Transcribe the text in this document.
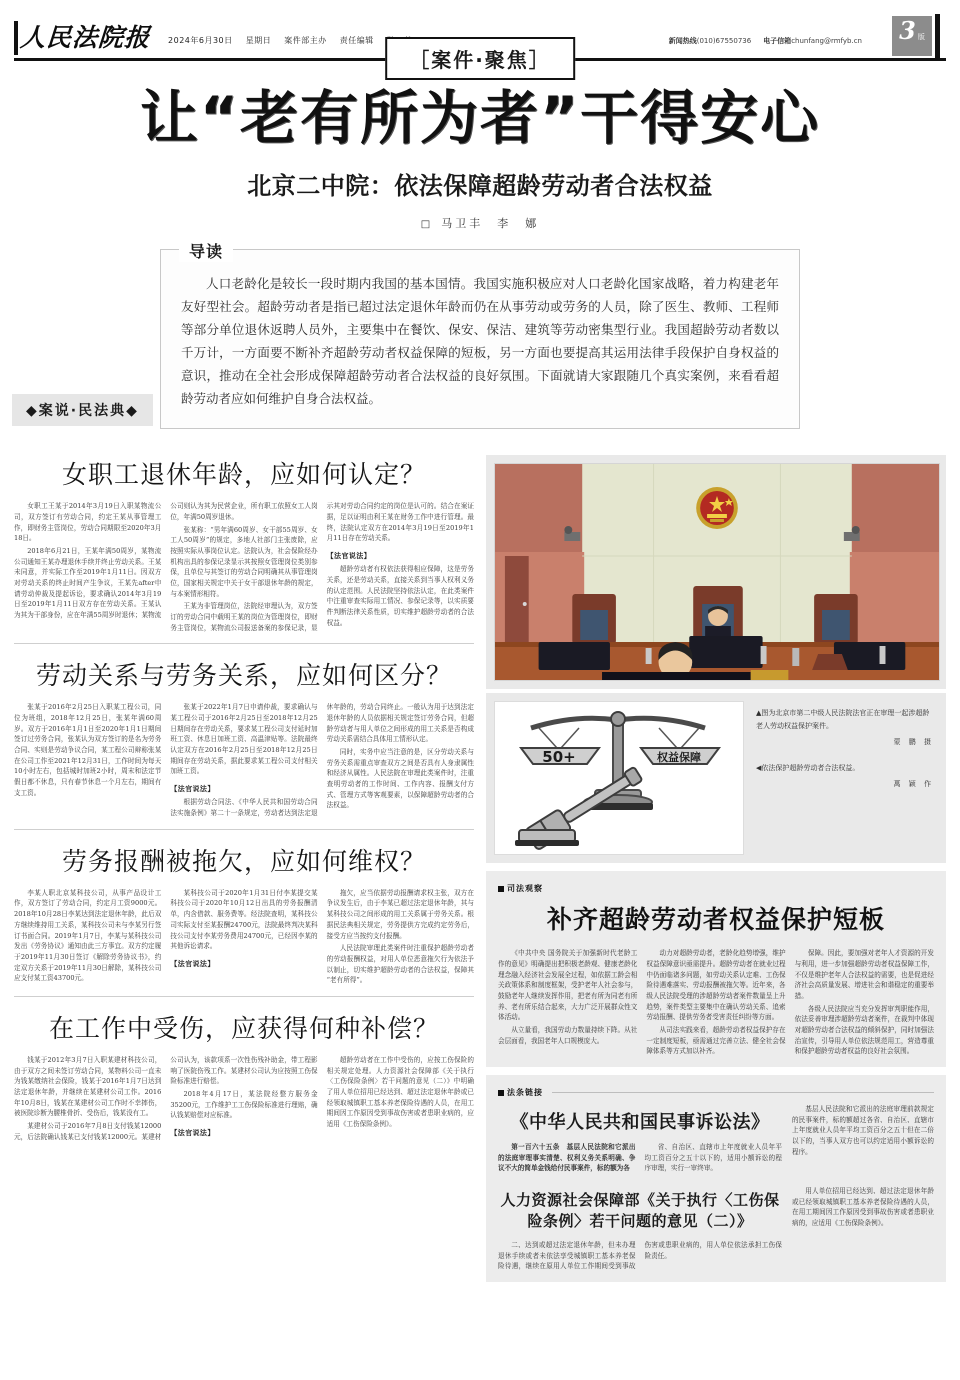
人民法院报	2024年6月30日 星期日 案件部主办 责任编辑	新闻热线(010)67550736 电子信箱chunfang@rmfyb.cn	3 版
［案件·聚焦］
让“老有所为者”干得安心
北京二中院：依法保障超龄劳动者合法权益
□ 马卫丰　李　娜
◆案说·民法典◆
导读

人口老龄化是较长一段时期内我国的基本国情。我国实施积极应对人口老龄化国家战略，着力构建老年友好型社会。超龄劳动者是指已超过法定退休年龄而仍在从事劳动或劳务的人员，除了医生、教师、工程师等部分单位退休返聘人员外，主要集中在餐饮、保安、保洁、建筑等劳动密集型行业。我国超龄劳动者数以千万计，一方面要不断补齐超龄劳动者权益保障的短板，另一方面也要提高其运用法律手段保护自身权益的意识，推动在全社会形成保障超龄劳动者合法权益的良好氛围。下面就请大家跟随几个真实案例，来看看超龄劳动者应如何维护自身合法权益。

女职工退休年龄，应如何认定？

女职工王某于2014年3月19日入职某物流公司，双方签订有劳动合同，约定王某从事管理工作，即财务主管岗位，劳动合同期限至2020年3月18日。

2018年6月21日，王某年满50周岁，某物流公司通知王某办理退休手续并终止劳动关系。王某未同意，并实际工作至2019年1月11日。因双方对劳动关系的终止时间产生争议，王某先after申请劳动仲裁及提起诉讼，要求确认2014年3月19日至2019年1月11日双方存在劳动关系。王某认为其为干部身份，应在年满55周岁时退休；某物流公司则认为其为民营企业，所有职工依照女工人岗位，年满50周岁退休。

张某称：“男年满60周岁、女干部55周岁、女工人50周岁”的规定，多地人社部门主张废除，应按照实际从事岗位认定。法院认为，社会保险经办机构出具的参保记录显示其按照女管理岗位类别参保，且单位与其签订的劳动合同明确其从事管理岗位，国家相关规定中关于女干部退休年龄的规定，与本案情形相符。

王某为非管理岗位，法院经审理认为，双方签订的劳动合同中载明王某的岗位为管理岗位，即财务主管岗位，某物流公司报送备案的参保记录，显示其对劳动合同约定的岗位是认可的。结合在案证据，足以证明由利王某在财务工作中进行管理。最终，法院认定双方在2014年3月19日至2019年1月11日存在劳动关系。

【法官说法】

超龄劳动者有权依法获得相应保障，这是劳务关系，还是劳动关系，直接关系到当事人权利义务的认定范围。人民法院坚持依法认定，在此类案件中注重审查实际用工情况、参保记录等，以实质要件判断法律关系性质，切实维护超龄劳动者的合法权益。

劳动关系与劳务关系，应如何区分？

张某于2016年2月25日入职某工程公司，同位为班组，2018年12月25日，张某年满60周岁。双方于2016年1月1日至2020年1月1日期间签订过劳务合同，张某认为双方签订的是名为劳务合同、实则是劳动争议合同，某工程公司辩称张某在公司工作至2021年12月31日，工作时间为每天10小时左右，包括城时加班2小时，周末和法定节假日都不休息，只有春节休息一个月左右，期间有支工资。

张某于2022年1月7日申请仲裁，要求确认与某工程公司于2016年2月25日至2018年12月25日期间存在劳动关系，要求某工程公司支付延时加班工资、休息日加班工资、高温津贴等。法院最终认定双方在2016年2月25日至2018年12月25日期间存在劳动关系，据此要求某工程公司支付相关加班工资。

【法官说法】

根据劳动合同法、《中华人民共和国劳动合同法实施条例》第二十一条规定，劳动者达到法定退休年龄的，劳动合同终止。一般认为用于达到法定退休年龄的人员依据相关规定签订劳务合同，但超龄劳动者与用人单位之间形成的用工关系是否构成劳动关系需结合具体用工情形认定。

同时，实务中应当注意的是，区分劳动关系与劳务关系需重点审查双方之间是否具有人身隶属性和经济从属性。人民法院在审理此类案件时，注重查明劳动者的工作时间、工作内容、报酬支付方式、管理方式等客观要素，以保障超龄劳动者的合法权益。

劳务报酬被拖欠，应如何维权？

李某人职北京某科技公司，从事产品设计工作，双方签订了劳动合同，约定月工资9000元。2018年10月28日李某达到法定退休年龄，此后双方继续维持用工关系，某科技公司未与李某另行签订书面合同。2019年1月7日，李某与某科技公司发出《劳务协议》通知由此三方事宜。双方约定履于2019年11月30日签订《解除劳务协议书》，约定双方关系于2019年11月30日解除，某科技公司应支付某工资43700元。

某科技公司于2020年1月31日付李某提交某科技公司于2020年10月12日出具的劳务报酬清单，内含借款、服务费等。经法院查明，某科技公司实际支付至某报酬24700元，法院最终判决某科技公司支付李某劳务费用24700元，已经因李某的其他诉讼请求。

【法官说法】

拖欠，应当依据劳动报酬请求权主张，双方在争议发生后，由于李某已超过法定退休年龄，其与某科技公司之间形成的用工关系属于劳务关系。根据民法典相关规定，劳务提供方完成约定劳务后，接受方应当按约支付报酬。

人民法院审理此类案件时注重保护超龄劳动者的劳动报酬权益，对用人单位恶意拖欠行为依法予以制止，切实维护超龄劳动者的合法权益，保障其“老有所得”。

在工作中受伤，应获得何种补偿？

钱某于2012年3月7日入职某建材科技公司，由于双方之间未签订劳动合同，某物料公司一直未为钱某缴纳社会保险，钱某于2016年1月7日达到法定退休年龄，并继续在某建材公司工作。2016年10月8日，钱某在某建材公司工作时不幸摔伤，被医院诊断为腰椎骨折、受伤后，钱某没有工。

某建材公司于2016年7月8日支付钱某12000元，后法院确认钱某已支付钱某12000元。某建材公司认为，该款项系一次性伤残补助金，带工程影响了医院伤残工作。某建材公司认为应按照工伤保险标准进行赔偿。

2018年4月17日，某法院经整方服务金35200元，工作维护工工伤保险标准进行理赔，确认钱某赔偿对应标准。

【法官说法】

超龄劳动者在工作中受伤的，应按工伤保险的相关规定处理。人力资源社会保障部《关于执行〈工伤保险条例〉若干问题的意见（二）》中明确了用人单位招用已经达到、超过法定退休年龄或已经领取城镇职工基本养老保险待遇的人员，在用工期间因工作原因受到事故伤害或者患职业病的，应适用《工伤保险条例》。

50+	权益保障

▲图为北京市第二中级人民法院法官正在审理一起涉超龄老人劳动权益保护案件。

蒙 鹏 摄

◀依法保护超龄劳动者合法权益。

萬 颖 作

司法观察
补齐超龄劳动者权益保护短板

《中共中央 国务院关于加强新时代老龄工作的意见》明确提出把积极老龄观、健康老龄化理念融入经济社会发展全过程，如依据工龄会相关政策体系和制度框架，受护老年人社会参与，鼓励老年人继续发挥作用，把老有所为同老有所养、老有所乐结合起来，大力广泛开展群众性文体活动。

从立量看，我国劳动力数量持续下降。从社会层面看，我国老年人口规模庞大。

动力对超龄劳动者，老龄化趋势增强，维护权益保障意识亟需提升。超龄劳动者在就业过程中仍面临诸多问题，如劳动关系认定难、工伤保险待遇难落实、劳动报酬被拖欠等。近年来，各级人民法院受理的涉超龄劳动者案件数量呈上升趋势，案件类型主要集中在确认劳动关系、追索劳动报酬、提供劳务者受害责任纠纷等方面。

从司法实践来看，超龄劳动者权益保护存在一定制度短板，亟需通过完善立法、健全社会保障体系等方式加以补齐。

保障。因此，要加强对老年人才资源的开发与利用，进一步加强超龄劳动者权益保障工作，不仅是维护老年人合法权益的需要，也是促进经济社会高质量发展、增进社会和谐稳定的重要举措。

各级人民法院应当充分发挥审判职能作用，依法妥善审理涉超龄劳动者案件，在裁判中体现对超龄劳动者合法权益的倾斜保护，同时加强法治宣传，引导用人单位依法规范用工，营造尊重和保护超龄劳动者权益的良好社会氛围。

法条链接
《中华人民共和国民事诉讼法》

第一百六十五条　基层人民法院和它派出的法庭审理事实清楚、权利义务关系明确、争议不大的简单金钱给付民事案件，标的额为各

省、自治区、直辖市上年度就业人员年平均工资百分之五十以下的，适用小额诉讼的程序审理，实行一审终审。

基层人民法院和它派出的法庭审理前款规定的民事案件，标的额超过各省、自治区、直辖市上年度就业人员年平均工资百分之五十但在二倍以下的，当事人双方也可以约定适用小额诉讼的程序。

人力资源社会保障部《关于执行〈工伤保险条例〉若干问题的意见（二）》

二、达到或超过法定退休年龄，但未办理退休手续或者未依法享受城镇职工基本养老保险待遇，继续在原用人单位工作期间受到事故伤害或患职业病的，用人单位依法承担工伤保险责任。

用人单位招用已经达到、超过法定退休年龄或已经领取城镇职工基本养老保险待遇的人员，在用工期间因工作原因受到事故伤害或者患职业病的，应适用《工伤保险条例》。
